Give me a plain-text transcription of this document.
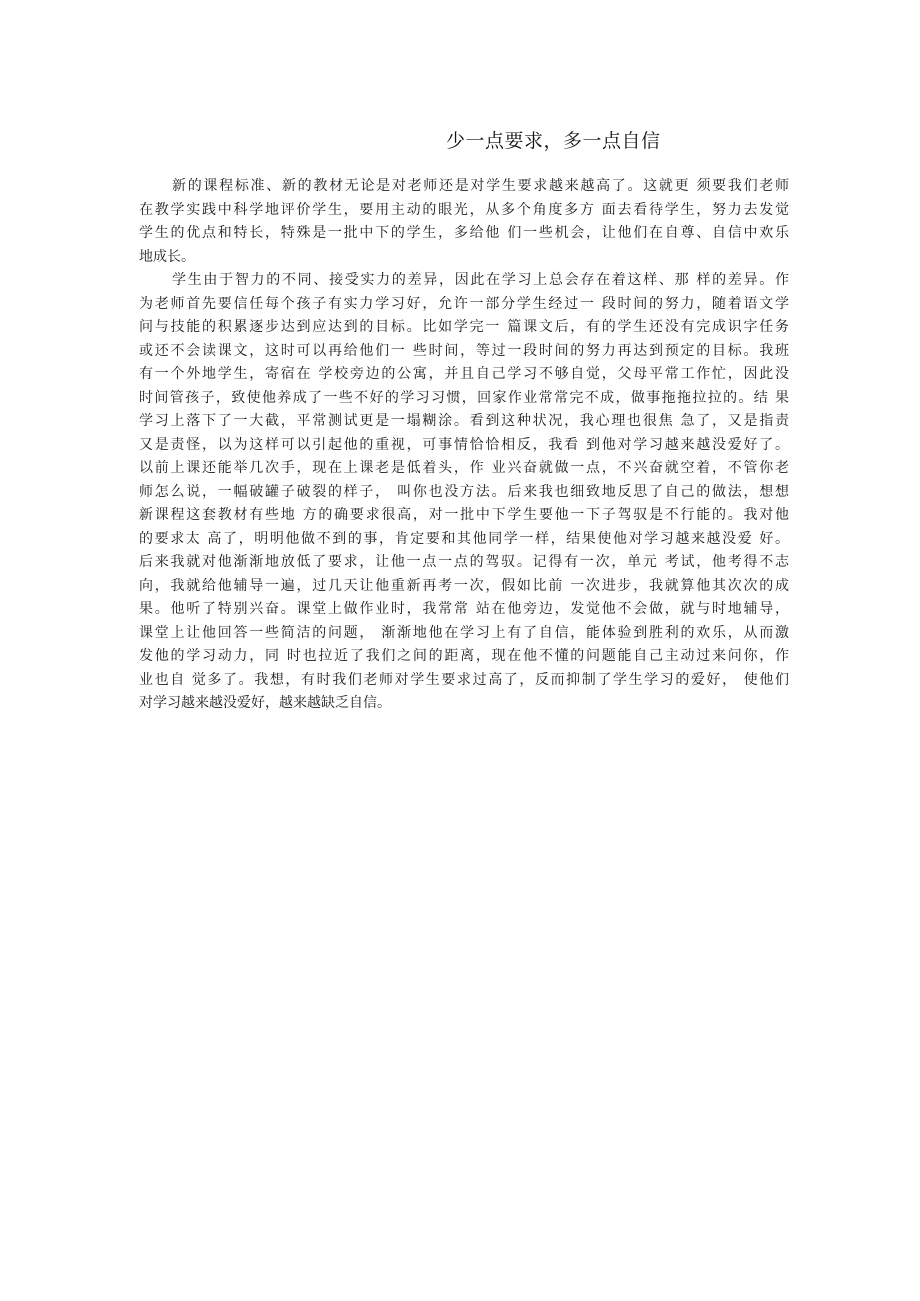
少一点要求，多一点自信
新的课程标准、新的教材无论是对老师还是对学生要求越来越高了。这就更 须要我们老师
在教学实践中科学地评价学生，要用主动的眼光，从多个角度多方 面去看待学生，努力去发觉
学生的优点和特长，特殊是一批中下的学生，多给他 们一些机会，让他们在自尊、自信中欢乐
地成长。
学生由于智力的不同、接受实力的差异，因此在学习上总会存在着这样、那 样的差异。作
为老师首先要信任每个孩子有实力学习好，允许一部分学生经过一 段时间的努力，随着语文学
问与技能的积累逐步达到应达到的目标。比如学完一 篇课文后，有的学生还没有完成识字任务
或还不会读课文，这时可以再给他们一 些时间，等过一段时间的努力再达到预定的目标。我班
有一个外地学生，寄宿在 学校旁边的公寓，并且自己学习不够自觉，父母平常工作忙，因此没
时间管孩子，致使他养成了一些不好的学习习惯，回家作业常常完不成，做事拖拖拉拉的。结 果
学习上落下了一大截，平常测试更是一塌糊涂。看到这种状况，我心理也很焦 急了，又是指责
又是责怪，以为这样可以引起他的重视，可事情恰恰相反，我看 到他对学习越来越没爱好了。
以前上课还能举几次手，现在上课老是低着头，作 业兴奋就做一点，不兴奋就空着，不管你老
师怎么说，一幅破罐子破裂的样子， 叫你也没方法。后来我也细致地反思了自己的做法，想想
新课程这套教材有些地 方的确要求很高，对一批中下学生要他一下子驾驭是不行能的。我对他
的要求太 高了，明明他做不到的事，肯定要和其他同学一样，结果使他对学习越来越没爱 好。
后来我就对他渐渐地放低了要求，让他一点一点的驾驭。记得有一次，单元 考试，他考得不志
向，我就给他辅导一遍，过几天让他重新再考一次，假如比前 一次进步，我就算他其次次的成
果。他听了特别兴奋。课堂上做作业时，我常常 站在他旁边，发觉他不会做，就与时地辅导，
课堂上让他回答一些简洁的问题， 渐渐地他在学习上有了自信，能体验到胜利的欢乐，从而激
发他的学习动力，同 时也拉近了我们之间的距离，现在他不懂的问题能自己主动过来问你，作
业也自 觉多了。我想，有时我们老师对学生要求过高了，反而抑制了学生学习的爱好， 使他们
对学习越来越没爱好，越来越缺乏自信。
